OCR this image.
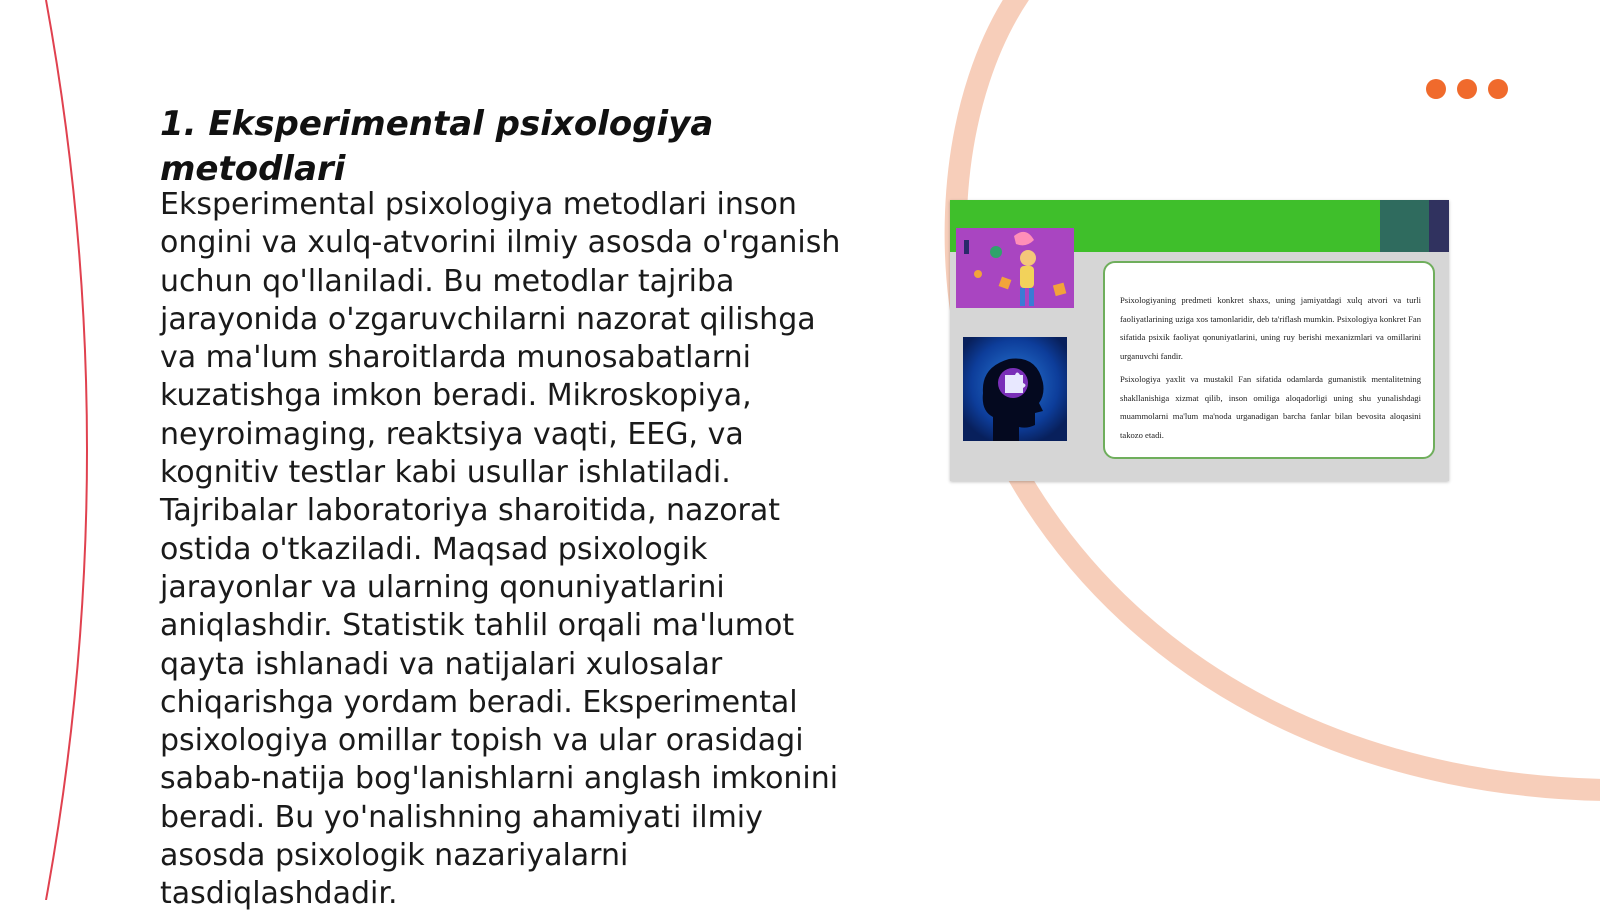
1. Eksperimental psixologiya metodlari

Eksperimental psixologiya metodlari inson ongini va xulq-atvorini ilmiy asosda o'rganish uchun qo'llaniladi. Bu metodlar tajriba jarayonida o'zgaruvchilarni nazorat qilishga va ma'lum sharoitlarda munosabatlarni kuzatishga imkon beradi. Mikroskopiya, neyroimaging, reaktsiya vaqti, EEG, va kognitiv testlar kabi usullar ishlatiladi. Tajribalar laboratoriya sharoitida, nazorat ostida o'tkaziladi. Maqsad psixologik jarayonlar va ularning qonuniyatlarini aniqlashdir. Statistik tahlil orqali ma'lumot qayta ishlanadi va natijalari xulosalar chiqarishga yordam beradi. Eksperimental psixologiya omillar topish va ular orasidagi sabab-natija bog'lanishlarni anglash imkonini beradi. Bu yo'nalishning ahamiyati ilmiy asosda psixologik nazariyalarni tasdiqlashdadir.

Psixologiyaning predmeti konkret shaxs, uning jamiyatdagi xulq atvori va turli faoliyatlarining uziga xos tamonlaridir, deb ta'riflash mumkin. Psixologiya konkret Fan sifatida psixik faoliyat qonuniyatlarini, uning ruy berishi mexanizmlari va omillarini urganuvchi fandir.

Psixologiya yaxlit va mustakil Fan sifatida odamlarda gumanistik mentalitetning shakllanishiga xizmat qilib, inson omiliga aloqadorligi uning shu yunalishdagi muammolarni ma'lum ma'noda urganadigan barcha fanlar bilan bevosita aloqasini takozo etadi.
